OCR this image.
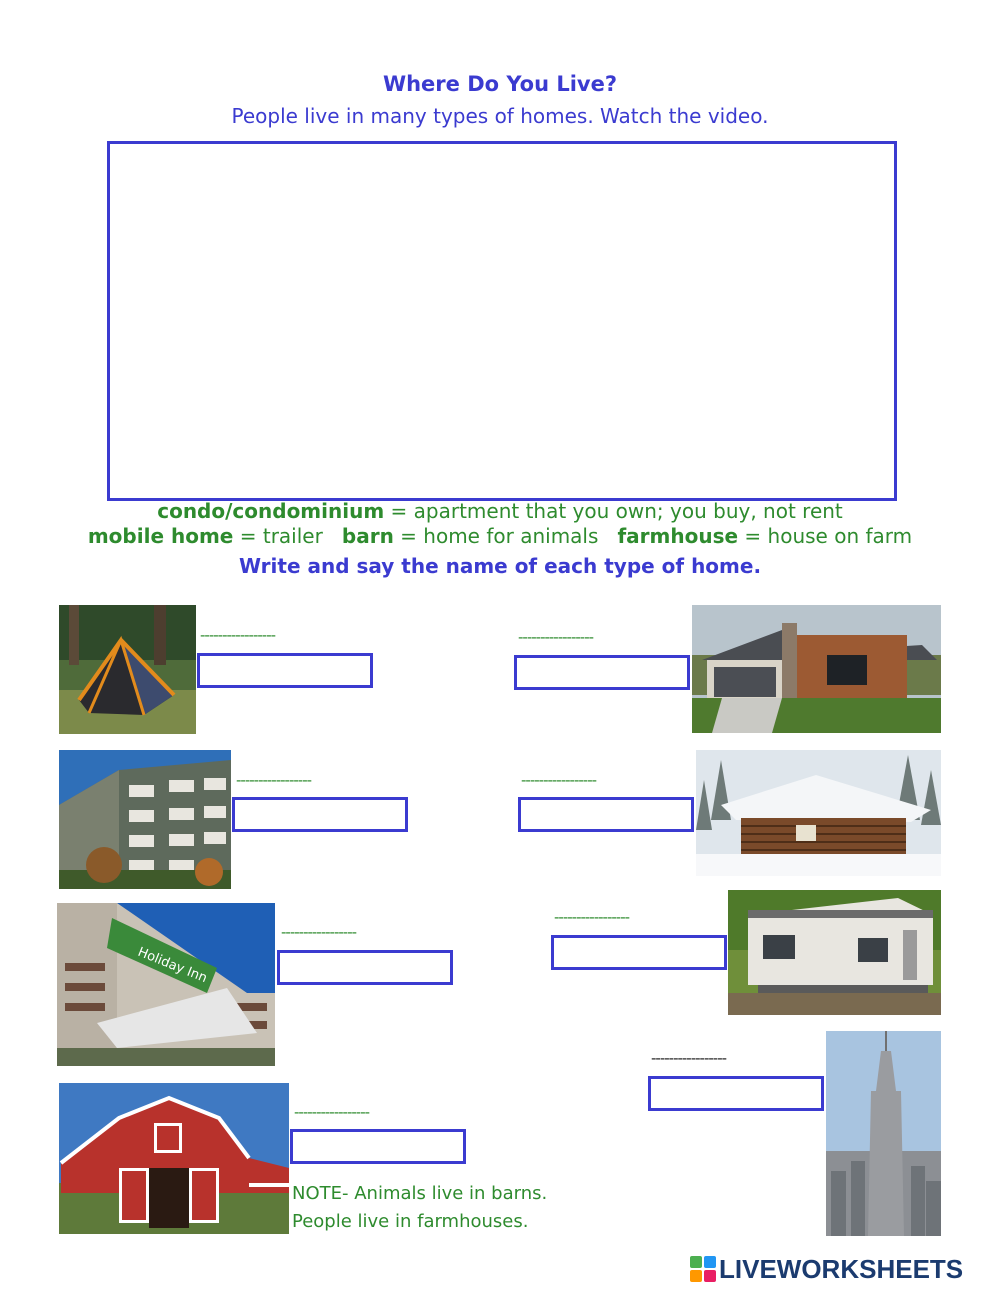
Where Do You Live?
People live in many types of homes. Watch the video.
condo/condominium = apartment that you own; you buy, not rent
mobile home = trailer   barn = home for animals   farmhouse = house on farm
Write and say the name of each type of home.
-----------------	-----------------
-----------------	-----------------
Holiday Inn
-----------------
-----------------
-----------------
-----------------
NOTE- Animals live in barns.
People live in farmhouses.
LIVEWORKSHEETS
